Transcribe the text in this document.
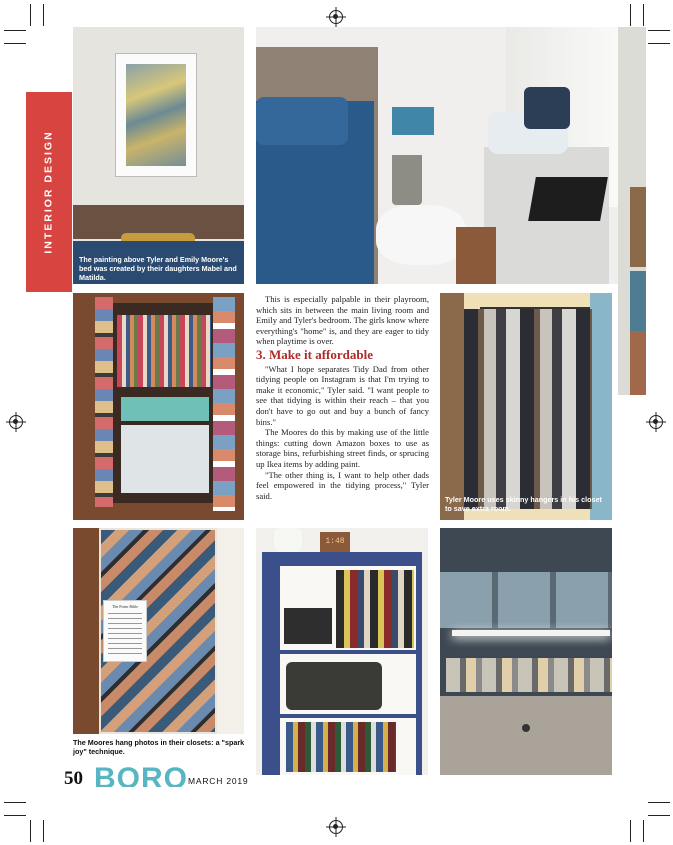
INTERIOR DESIGN
The painting above Tyler and Emily Moore's bed was created by their daughters Mabel and Matilda.

This is especially palpable in their playroom, which sits in between the main living room and Emily and Tyler's bedroom. The girls know where everything's "home" is, and they are eager to tidy when playtime is over.

3. Make it affordable

"What I hope separates Tidy Dad from other tidying people on Instagram is that I'm trying to make it economic," Tyler said. "I want people to see that tidying is within their reach – that you don't have to go out and buy a bunch of fancy bins."

The Moores do this by making use of the little things: cutting down Amazon boxes to use as storage bins, refurbishing street finds, or sprucing up Ikea items by adding paint.

"The other thing is, I want to help other dads feel empowered in the tidying process," Tyler said.	Tyler Moore uses skinny hangers in his closet to save extra room.
The Poem Bible
The Moores hang photos in their closets: a "spark joy" technique.
1:48
50 BORO MARCH 2019
